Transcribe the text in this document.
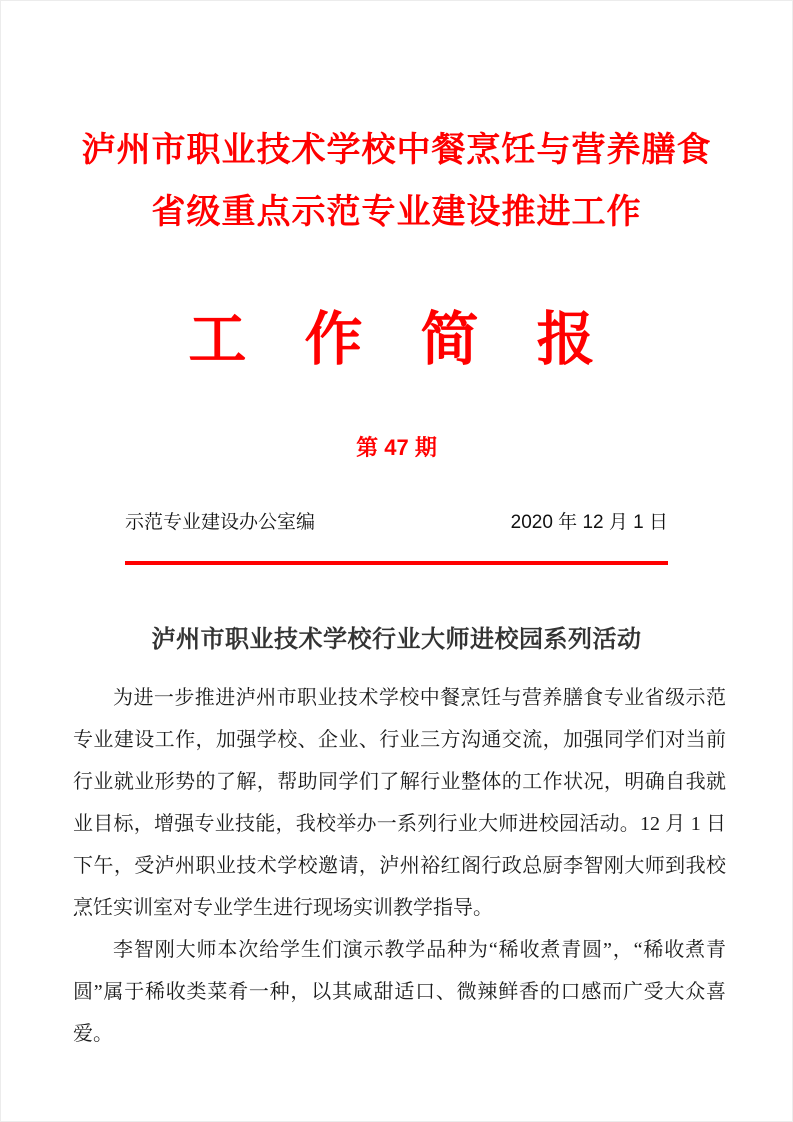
泸州市职业技术学校中餐烹饪与营养膳食
省级重点示范专业建设推进工作
工 作 简 报
第 47 期
示范专业建设办公室编	2020 年 12 月 1 日
泸州市职业技术学校行业大师进校园系列活动

为进一步推进泸州市职业技术学校中餐烹饪与营养膳食专业省级示范专业建设工作，加强学校、企业、行业三方沟通交流，加强同学们对当前行业就业形势的了解，帮助同学们了解行业整体的工作状况，明确自我就业目标，增强专业技能，我校举办一系列行业大师进校园活动。12 月 1 日下午，受泸州职业技术学校邀请，泸州裕红阁行政总厨李智刚大师到我校烹饪实训室对专业学生进行现场实训教学指导。

李智刚大师本次给学生们演示教学品种为“稀收煮青圆”，“稀收煮青圆”属于稀收类菜肴一种，以其咸甜适口、微辣鲜香的口感而广受大众喜爱。
